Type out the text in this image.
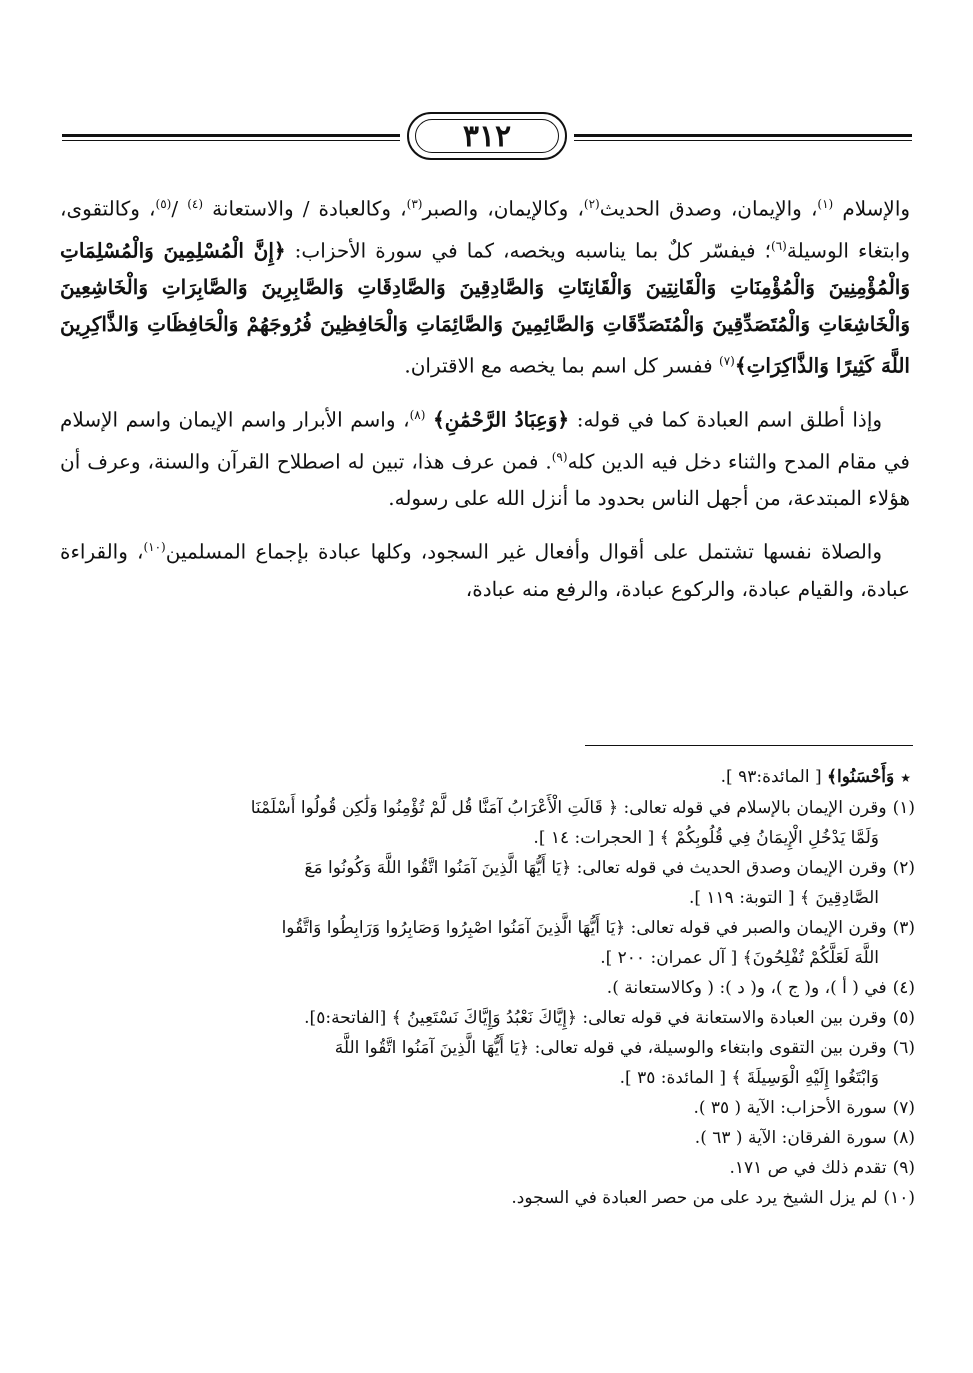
٣١٢

والإسلام $^{(١)}$، والإيمان، وصدق الحديث$^{(٢)}$، وكالإيمان، والصبر$^{(٣)}$، وكالعبادة / والاستعانة $^{(٤)}$ /$^{(٥)}$، وكالتقوى، وابتغاء الوسيلة$^{(٦)}$؛ فيفسّر كلٌ بما يناسبه ويخصه، كما في سورة الأحزاب: ﴿إِنَّ الْمُسْلِمِينَ وَالْمُسْلِمَاتِ وَالْمُؤْمِنِينَ وَالْمُؤْمِنَاتِ وَالْقَانِتِينَ وَالْقَانِتَاتِ وَالصَّادِقِينَ وَالصَّادِقَاتِ وَالصَّابِرِينَ وَالصَّابِرَاتِ وَالْخَاشِعِينَ وَالْخَاشِعَاتِ وَالْمُتَصَدِّقِينَ وَالْمُتَصَدِّقَاتِ وَالصَّائِمِينَ وَالصَّائِمَاتِ وَالْحَافِظِينَ فُرُوجَهُمْ وَالْحَافِظَاتِ وَالذَّاكِرِينَ اللَّهَ كَثِيرًا وَالذَّاكِرَاتِ﴾$^{(٧)}$ ففسر كل اسم بما يخصه مع الاقتران.

وإذا أطلق اسم العبادة كما في قوله: ﴿وَعِبَادُ الرَّحْمَٰنِ﴾ $^{(٨)}$، واسم الأبرار واسم الإيمان واسم الإسلام في مقام المدح والثناء دخل فيه الدين كله$^{(٩)}$. فمن عرف هذا، تبين له اصطلاح القرآن والسنة، وعرف أن هؤلاء المبتدعة، من أجهل الناس بحدود ما أنزل الله على رسوله.

والصلاة نفسها تشتمل على أقوال وأفعال غير السجود، وكلها عبادة بإجماع المسلمين$^{(١٠)}$، والقراءة عبادة، والقيام عبادة، والركوع عبادة، والرفع منه عبادة،

★وَأَحْسَنُوا﴾ [ المائدة:٩٣ ].

(١)وقرن الإيمان بالإسلام في قوله تعالى: ﴿ قَالَتِ الْأَعْرَابُ آمَنَّا قُل لَّمْ تُؤْمِنُوا وَلَٰكِن قُولُوا أَسْلَمْنَا
وَلَمَّا يَدْخُلِ الْإِيمَانُ فِي قُلُوبِكُمْ ﴾ [ الحجرات: ١٤ ].

(٢)وقرن الإيمان وصدق الحديث في قوله تعالى: ﴿يَا أَيُّهَا الَّذِينَ آمَنُوا اتَّقُوا اللَّهَ وَكُونُوا مَعَ
الصَّادِقِينَ ﴾ [ التوبة: ١١٩ ].

(٣)وقرن الإيمان والصبر في قوله تعالى: ﴿يَا أَيُّهَا الَّذِينَ آمَنُوا اصْبِرُوا وَصَابِرُوا وَرَابِطُوا وَاتَّقُوا
اللَّهَ لَعَلَّكُمْ تُفْلِحُونَ﴾ [ آل عمران: ٢٠٠ ].

(٤)في ( أ )، و( ج )، و( د ): ( وكالاستعانة ).

(٥)وقرن بين العبادة والاستعانة في قوله تعالى: ﴿إِيَّاكَ نَعْبُدُ وَإِيَّاكَ نَسْتَعِينُ ﴾ [الفاتحة:٥].

(٦)وقرن بين التقوى وابتغاء والوسيلة، في قوله تعالى: ﴿يَا أَيُّهَا الَّذِينَ آمَنُوا اتَّقُوا اللَّهَ
وَابْتَغُوا إِلَيْهِ الْوَسِيلَةَ ﴾ [ المائدة: ٣٥ ].

(٧)سورة الأحزاب: الآية ( ٣٥ ).

(٨)سورة الفرقان: الآية ( ٦٣ ).

(٩)تقدم ذلك في ص ١٧١.

(١٠)لم يزل الشيخ يرد على من حصر العبادة في السجود.
